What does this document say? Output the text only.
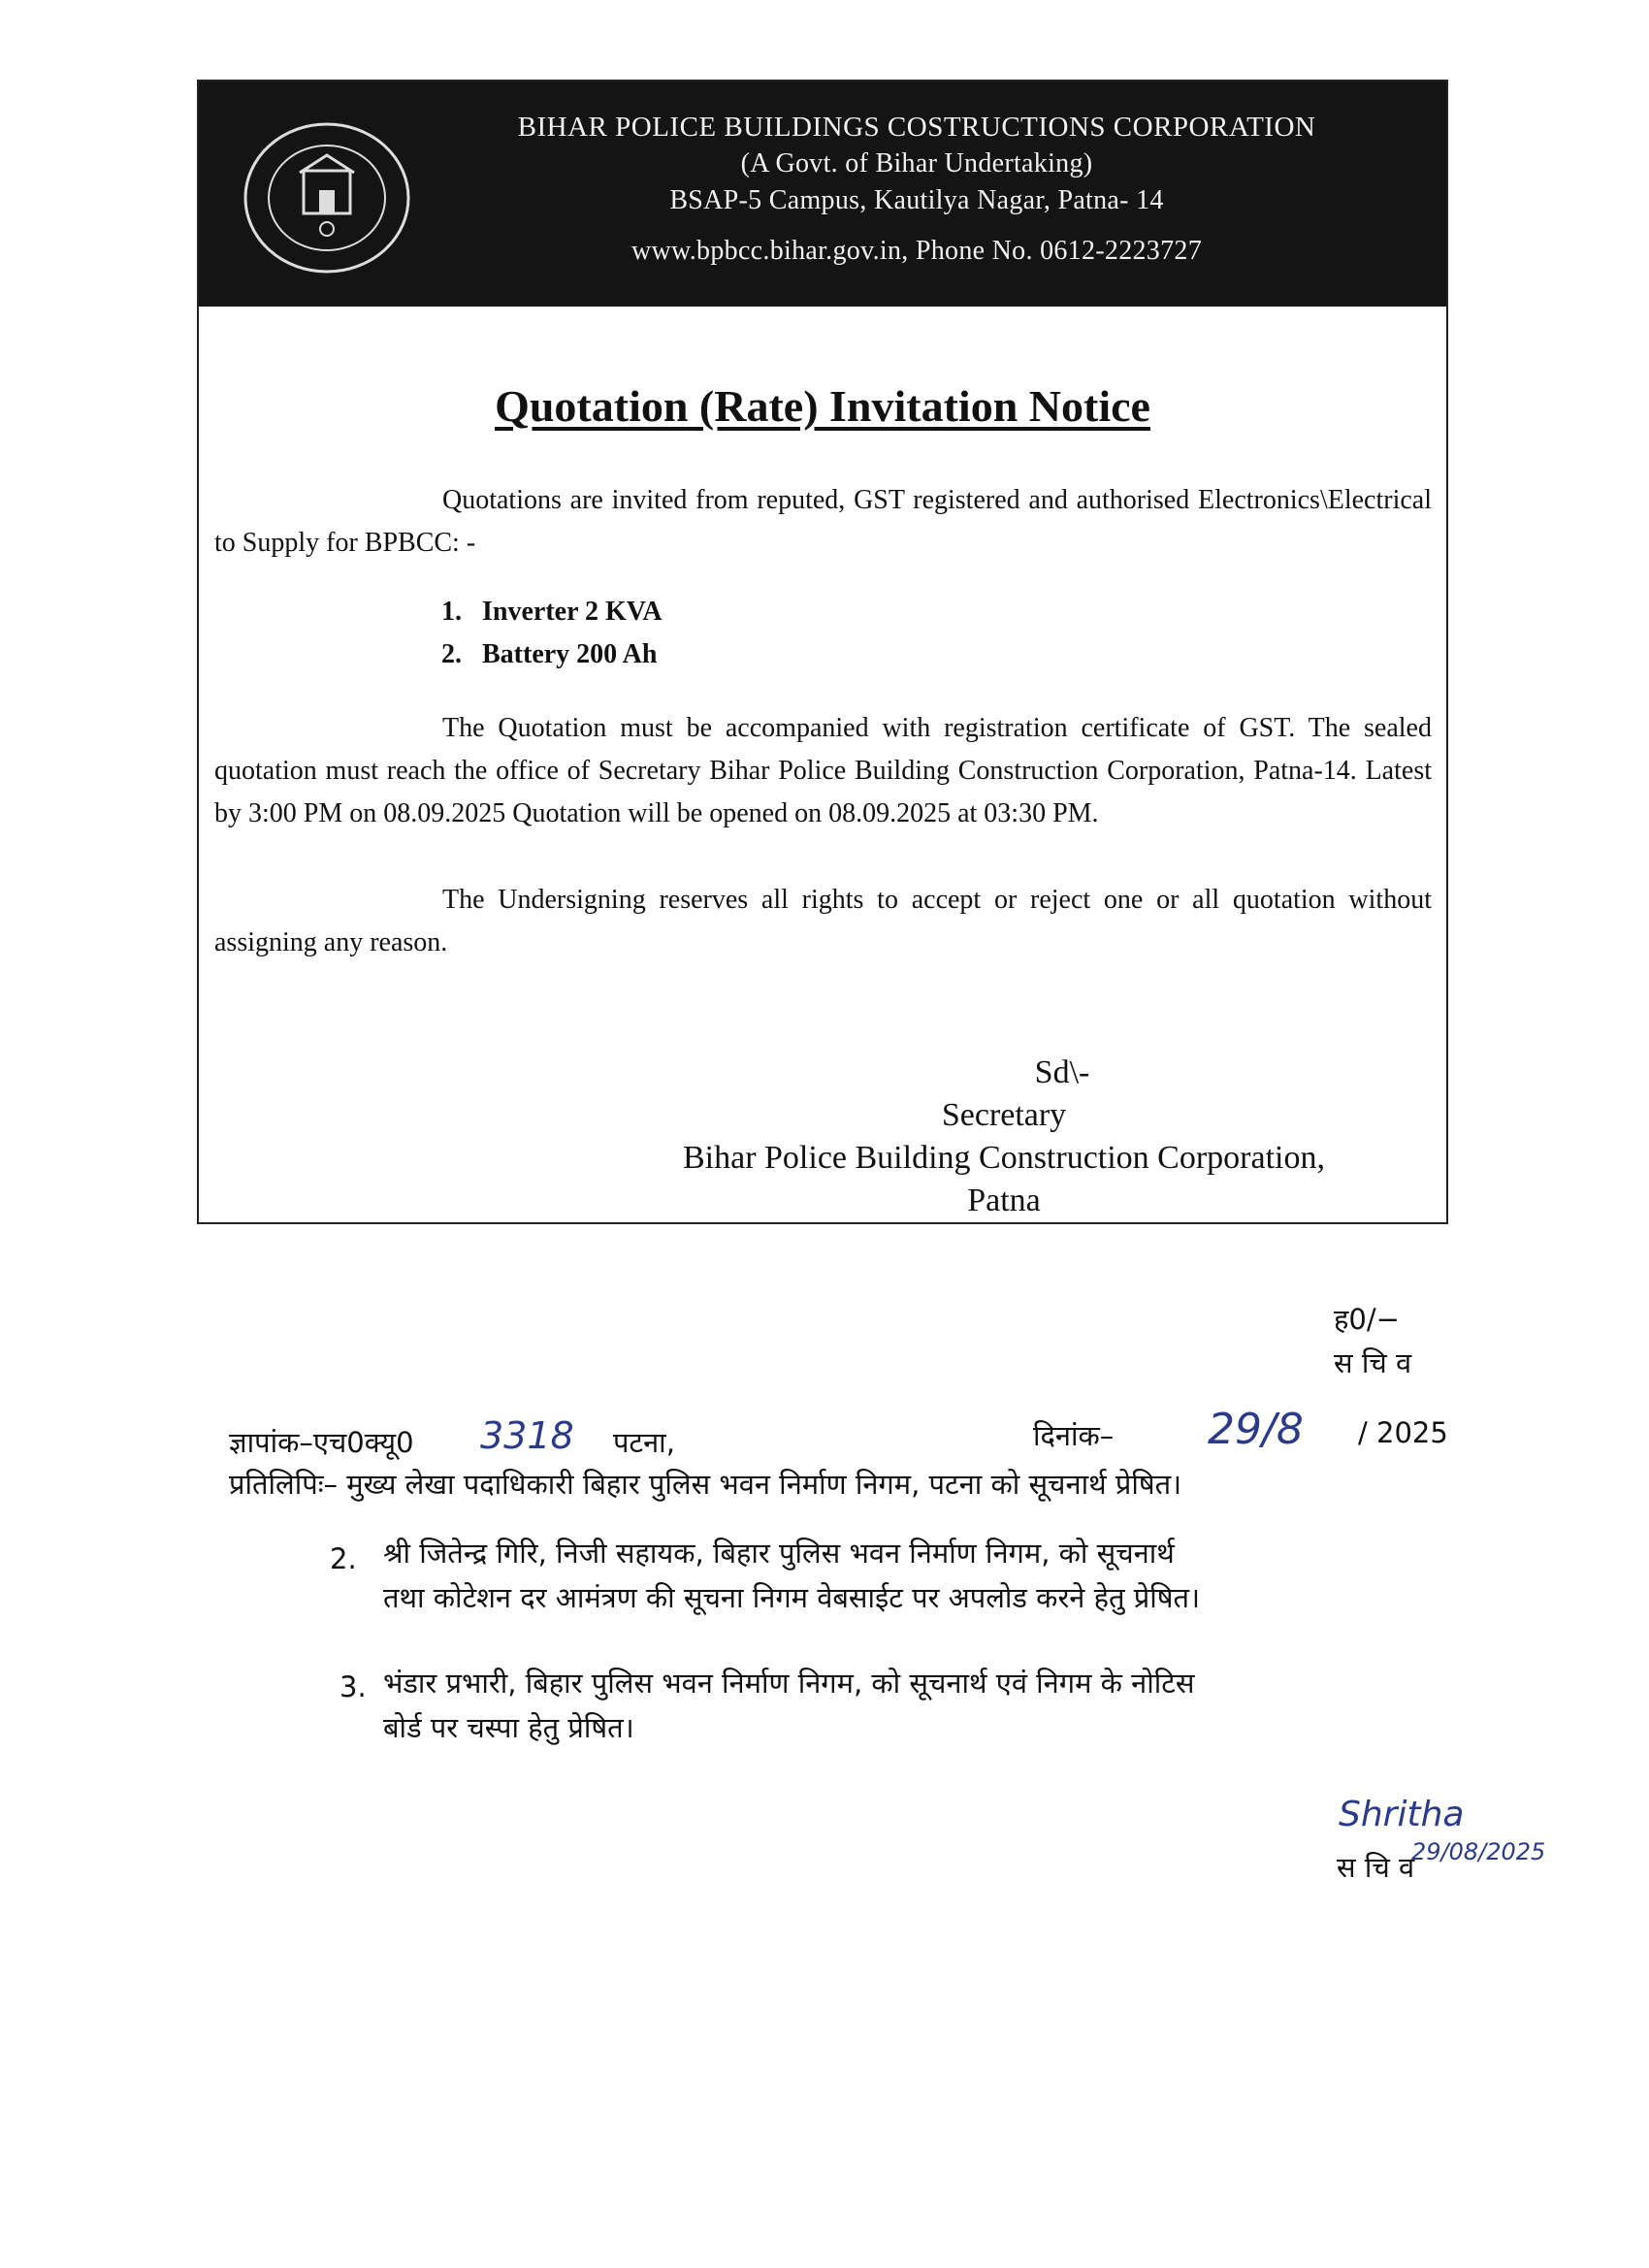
BIHAR POLICE BUILDINGS COSTRUCTIONS CORPORATION
(A Govt. of Bihar Undertaking)
BSAP-5 Campus, Kautilya Nagar, Patna- 14
www.bpbcc.bihar.gov.in, Phone No. 0612-2223727
Quotation (Rate) Invitation Notice
Quotations are invited from reputed, GST registered and authorised Electronics\Electrical to Supply for BPBCC: -
1. Inverter 2 KVA
2. Battery 200 Ah
The Quotation must be accompanied with registration certificate of GST. The sealed quotation must reach the office of Secretary Bihar Police Building Construction Corporation, Patna-14. Latest by 3:00 PM on 08.09.2025 Quotation will be opened on 08.09.2025 at 03:30 PM.
The Undersigning reserves all rights to accept or reject one or all quotation without assigning any reason.
Sd\-
Secretary
Bihar Police Building Construction Corporation,
Patna
ह0/−
स चि व
ज्ञापांक–एच0क्यू0 3318 पटना,	दिनांक– 29/8 / 2025
प्रतिलिपिः– मुख्य लेखा पदाधिकारी बिहार पुलिस भवन निर्माण निगम, पटना को सूचनार्थ प्रेषित।
2. श्री जितेन्द्र गिरि, निजी सहायक, बिहार पुलिस भवन निर्माण निगम, को सूचनार्थ
तथा कोटेशन दर आमंत्रण की सूचना निगम वेबसाईट पर अपलोड करने हेतु प्रेषित।
3. भंडार प्रभारी, बिहार पुलिस भवन निर्माण निगम, को सूचनार्थ एवं निगम के नोटिस
बोर्ड पर चस्पा हेतु प्रेषित।
Shritha
29/08/2025
स चि व
